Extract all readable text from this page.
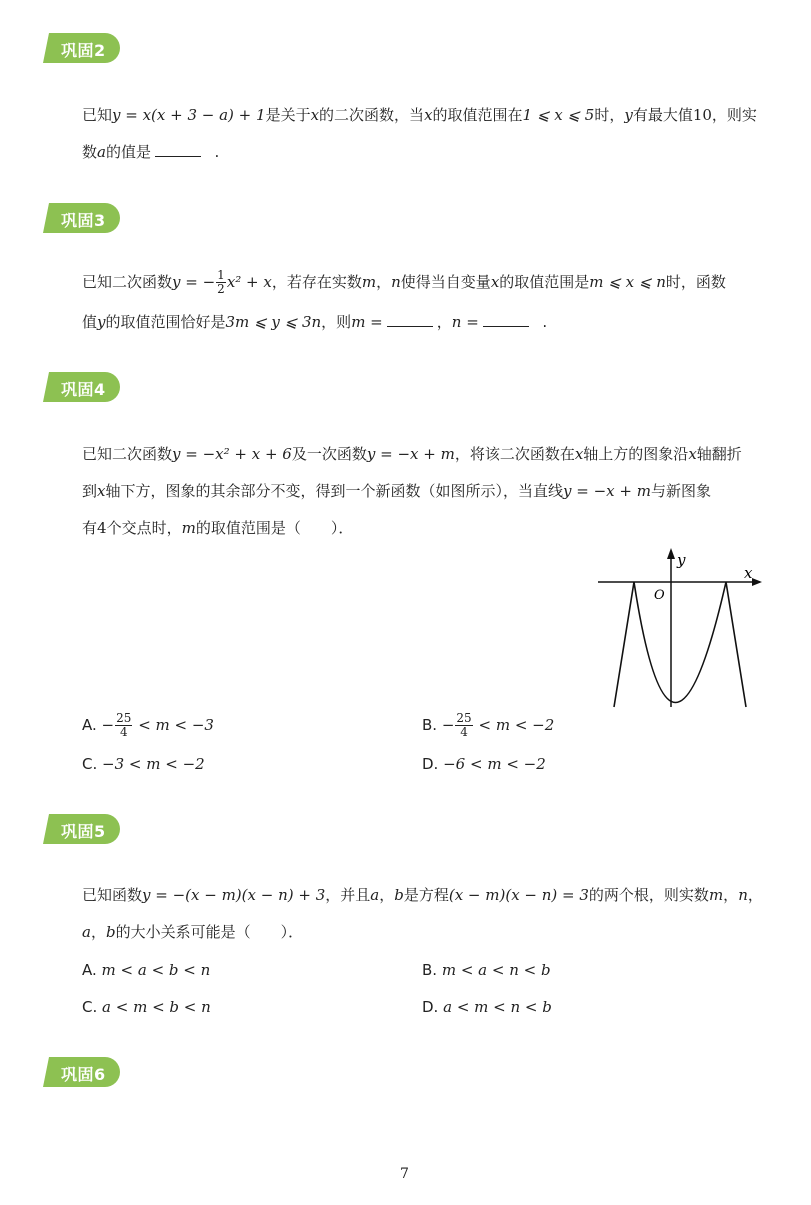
巩固2
巩固3
巩固4
巩固5
巩固6
已知y = x(x + 3 − a) + 1是关于x的二次函数，当x的取值范围在1 ⩽ x ⩽ 5时，y有最大值10，则实
数a的值是	.
已知二次函数y = − $\frac{1}{2} x^2 + x$，若存在实数m，n使得当自变量x的取值范围是m ⩽ x ⩽ n时，函数
值y的取值范围恰好是3m ⩽ y ⩽ 3n，则m =	，n =	.
已知二次函数y = −x² + x + 6及一次函数y = −x + m，将该二次函数在x轴上方的图象沿x轴翻折
到x轴下方，图象的其余部分不变，得到一个新函数（如图所示），当直线y = −x + m与新图象
有4个交点时，m的取值范围是（　　）．
y
x
O
A. − $\frac{25}{4} < m < -3$	B. − $\frac{25}{4} < m < -2$
C. −3 < m < −2	D. −6 < m < −2
已知函数y = −(x − m)(x − n) + 3，并且a，b是方程(x − m)(x − n) = 3的两个根，则实数m，n，
a，b的大小关系可能是（　　）．
A. m < a < b < n	B. m < a < n < b
C. a < m < b < n	D. a < m < n < b
7
